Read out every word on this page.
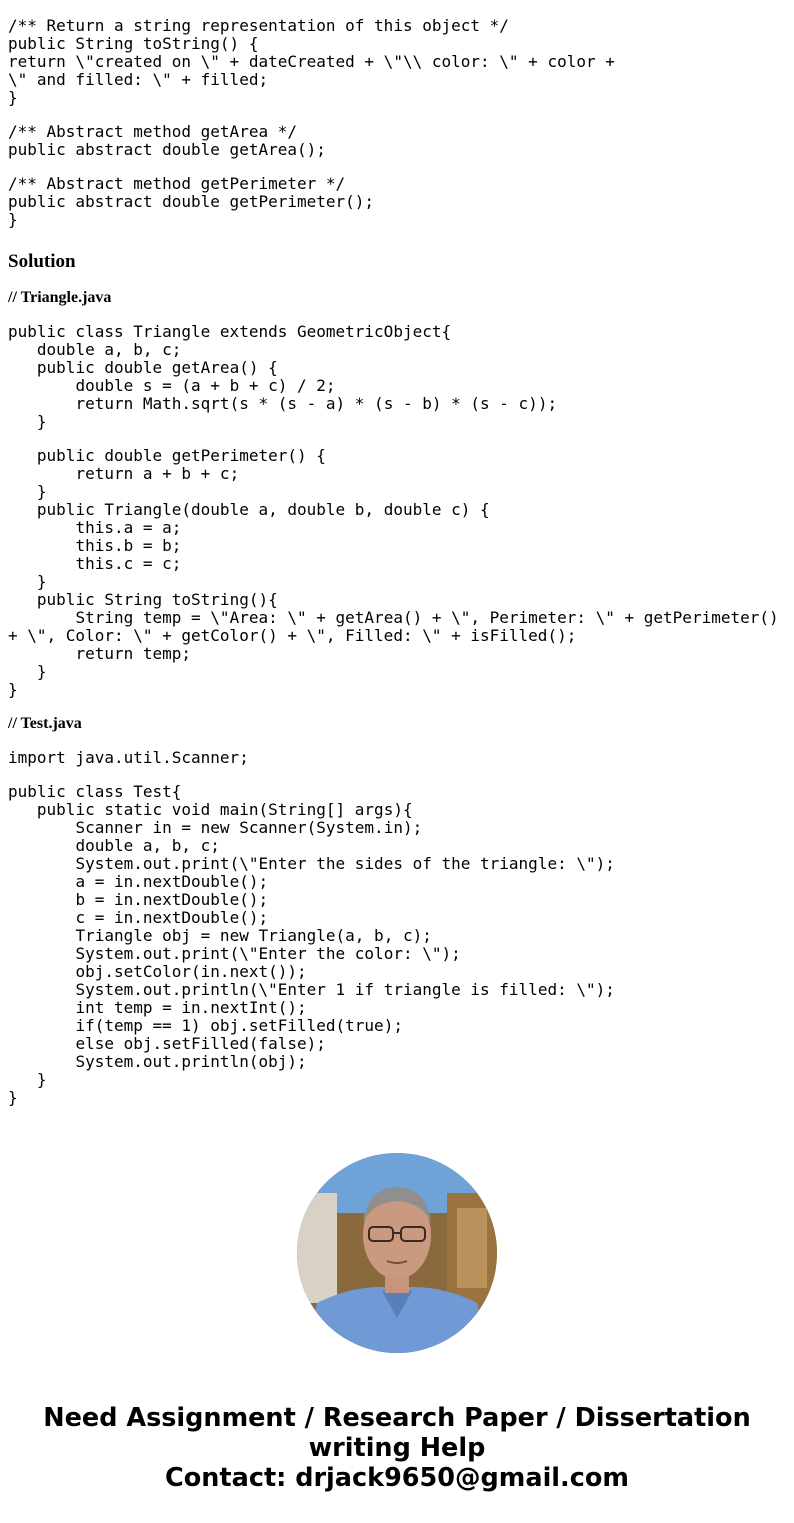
/** Return a string representation of this object */
public String toString() {
return \"created on \" + dateCreated + \"\\ color: \" + color +
\" and filled: \" + filled;
}
/** Abstract method getArea */
public abstract double getArea();
/** Abstract method getPerimeter */
public abstract double getPerimeter();
}
Solution

// Triangle.java

public class Triangle extends GeometricObject{
double a, b, c;
public double getArea() {
double s = (a + b + c) / 2;
return Math.sqrt(s * (s - a) * (s - b) * (s - c));
}
public double getPerimeter() {
return a + b + c;
}
public Triangle(double a, double b, double c) {
this.a = a;
this.b = b;
this.c = c;
}
public String toString(){
String temp = \"Area: \" + getArea() + \", Perimeter: \" + getPerimeter() + \", Color: \" + getColor() + \", Filled: \" + isFilled();
return temp;
}
}

// Test.java

import java.util.Scanner;
public class Test{
public static void main(String[] args){
Scanner in = new Scanner(System.in);
double a, b, c;
System.out.print(\"Enter the sides of the triangle: \");
a = in.nextDouble();
b = in.nextDouble();
c = in.nextDouble();
Triangle obj = new Triangle(a, b, c);
System.out.print(\"Enter the color: \");
obj.setColor(in.next());
System.out.println(\"Enter 1 if triangle is filled: \");
int temp = in.nextInt();
if(temp == 1) obj.setFilled(true);
else obj.setFilled(false);
System.out.println(obj);
}
}
Need Assignment / Research Paper / Dissertation
writing Help
Contact: drjack9650@gmail.com
